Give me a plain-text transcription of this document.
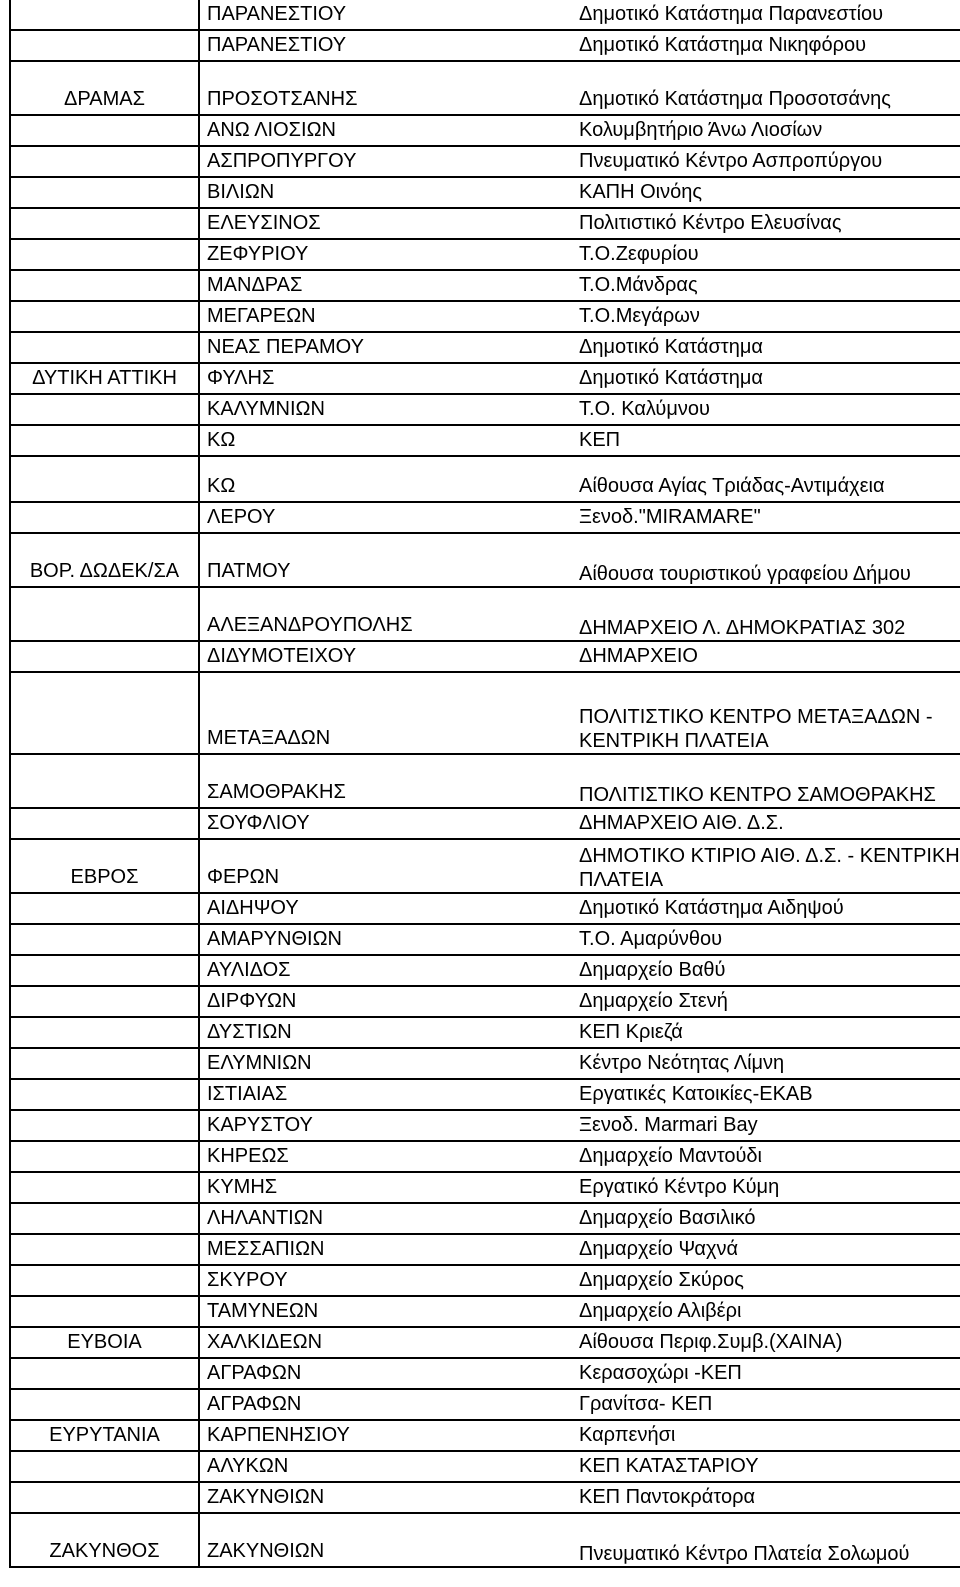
	ΠΑΡΑΝΕΣΤΙΟΥ	Δημοτικό Κατάστημα Παρανεστίου
	ΠΑΡΑΝΕΣΤΙΟΥ	Δημοτικό Κατάστημα Νικηφόρου
ΔΡΑΜΑΣ	ΠΡΟΣΟΤΣΑΝΗΣ	Δημοτικό Κατάστημα Προσοτσάνης
	ΑΝΩ ΛΙΟΣΙΩΝ	Κολυμβητήριο Άνω Λιοσίων
	ΑΣΠΡΟΠΥΡΓΟΥ	Πνευματικό Κέντρο Ασπροπύργου
	ΒΙΛΙΩΝ	ΚΑΠΗ Οινόης
	ΕΛΕΥΣΙΝΟΣ	Πολιτιστικό Κέντρο Ελευσίνας
	ΖΕΦΥΡΙΟΥ	Τ.Ο.Ζεφυρίου
	ΜΑΝΔΡΑΣ	Τ.Ο.Μάνδρας
	ΜΕΓΑΡΕΩΝ	Τ.Ο.Μεγάρων
	ΝΕΑΣ ΠΕΡΑΜΟΥ	Δημοτικό Κατάστημα
ΔΥΤΙΚΗ ΑΤΤΙΚΗ	ΦΥΛΗΣ	Δημοτικό Κατάστημα
	ΚΑΛΥΜΝΙΩΝ	Τ.Ο. Καλύμνου
	ΚΩ	ΚΕΠ
	ΚΩ	Αίθουσα Αγίας Τριάδας-Αντιμάχεια
	ΛΕΡΟΥ	Ξενοδ."MIRAMARE"
ΒΟΡ. ΔΩΔΕΚ/ΣΑ	ΠΑΤΜΟΥ	Αίθουσα τουριστικού γραφείου Δήμου
	ΑΛΕΞΑΝΔΡΟΥΠΟΛΗΣ	ΔΗΜΑΡΧΕΙΟ Λ. ΔΗΜΟΚΡΑΤΙΑΣ 302
	ΔΙΔΥΜΟΤΕΙΧΟΥ	ΔΗΜΑΡΧΕΙΟ
	ΜΕΤΑΞΑΔΩΝ	ΠΟΛΙΤΙΣΤΙΚΟ ΚΕΝΤΡΟ ΜΕΤΑΞΑΔΩΝ - ΚΕΝΤΡΙΚΗ ΠΛΑΤΕΙΑ
	ΣΑΜΟΘΡΑΚΗΣ	ΠΟΛΙΤΙΣΤΙΚΟ ΚΕΝΤΡΟ ΣΑΜΟΘΡΑΚΗΣ
	ΣΟΥΦΛΙΟΥ	ΔΗΜΑΡΧΕΙΟ ΑΙΘ. Δ.Σ.
ΕΒΡΟΣ	ΦΕΡΩΝ	ΔΗΜΟΤΙΚΟ ΚΤΙΡΙΟ ΑΙΘ. Δ.Σ. - ΚΕΝΤΡΙΚΗ ΠΛΑΤΕΙΑ
	ΑΙΔΗΨΟΥ	Δημοτικό Κατάστημα Αιδηψού
	ΑΜΑΡΥΝΘΙΩΝ	Τ.Ο. Αμαρύνθου
	ΑΥΛΙΔΟΣ	Δημαρχείο Βαθύ
	ΔΙΡΦΥΩΝ	Δημαρχείο Στενή
	ΔΥΣΤΙΩΝ	ΚΕΠ Κριεζά
	ΕΛΥΜΝΙΩΝ	Κέντρο Νεότητας Λίμνη
	ΙΣΤΙΑΙΑΣ	Εργατικές Κατοικίες-ΕΚΑΒ
	ΚΑΡΥΣΤΟΥ	Ξενοδ. Marmari Bay
	ΚΗΡΕΩΣ	Δημαρχείο Μαντούδι
	ΚΥΜΗΣ	Εργατικό Κέντρο Κύμη
	ΛΗΛΑΝΤΙΩΝ	Δημαρχείο Βασιλικό
	ΜΕΣΣΑΠΙΩΝ	Δημαρχείο Ψαχνά
	ΣΚΥΡΟΥ	Δημαρχείο Σκύρος
	ΤΑΜΥΝΕΩΝ	Δημαρχείο Αλιβέρι
ΕΥΒΟΙΑ	ΧΑΛΚΙΔΕΩΝ	Αίθουσα Περιφ.Συμβ.(ΧΑΙΝΑ)
	ΑΓΡΑΦΩΝ	Κερασοχώρι -ΚΕΠ
	ΑΓΡΑΦΩΝ	Γρανίτσα- ΚΕΠ
ΕΥΡΥΤΑΝΙΑ	ΚΑΡΠΕΝΗΣΙΟΥ	Καρπενήσι
	ΑΛΥΚΩΝ	ΚΕΠ ΚΑΤΑΣΤΑΡΙΟΥ
	ΖΑΚΥΝΘΙΩΝ	ΚΕΠ Παντοκράτορα
ΖΑΚΥΝΘΟΣ	ΖΑΚΥΝΘΙΩΝ	Πνευματικό Κέντρο Πλατεία Σολωμού
